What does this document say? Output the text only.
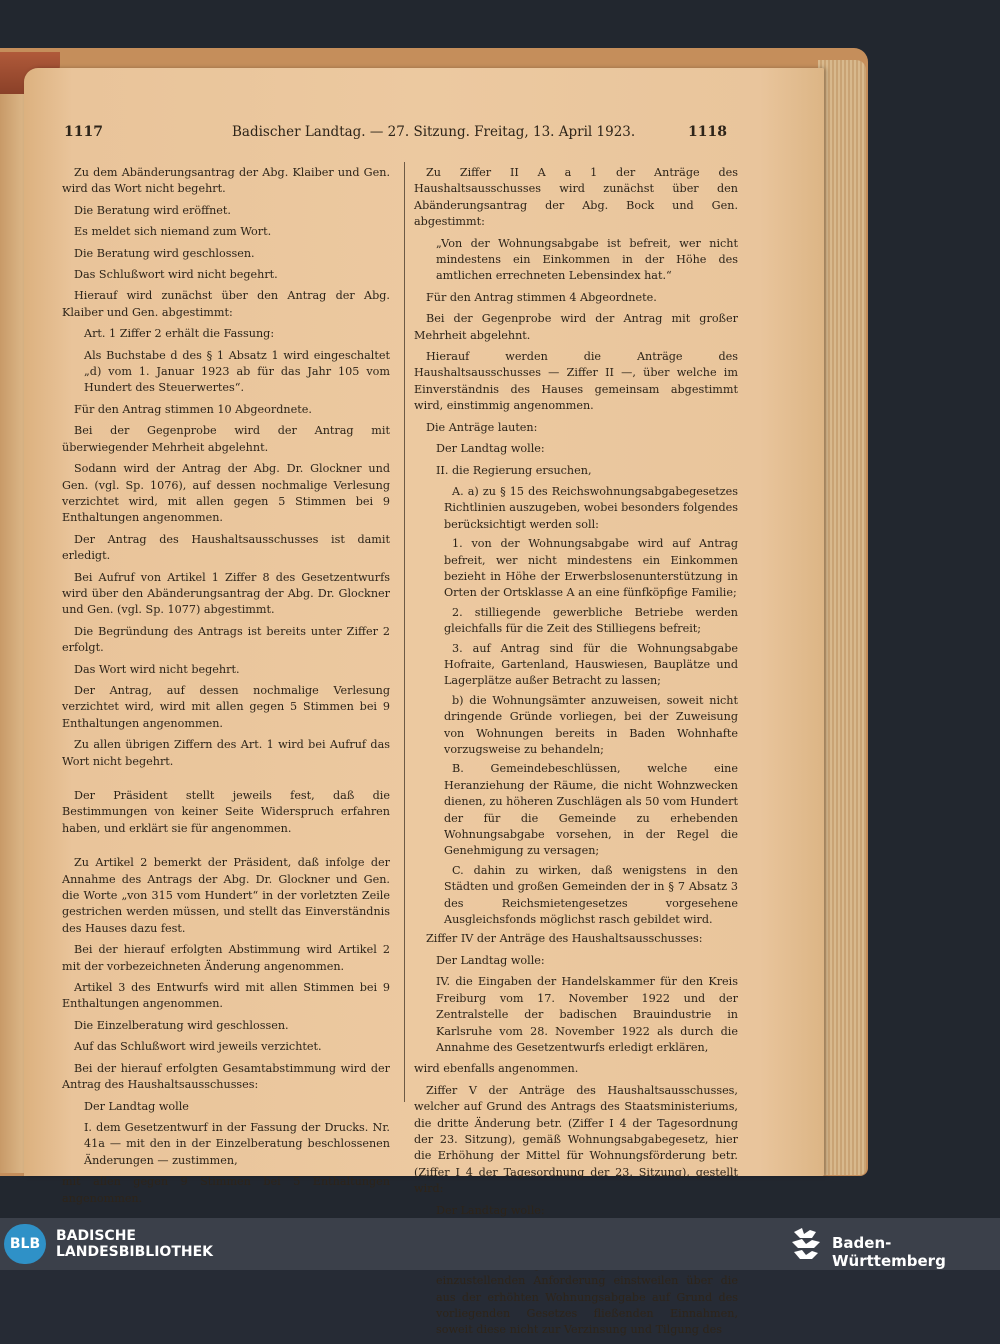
1117	Badischer Landtag. — 27. Sitzung. Freitag, 13. April 1923.	1118

Zu dem Abänderungsantrag der Abg. Klaiber und Gen. wird das Wort nicht begehrt.

Die Beratung wird eröffnet.

Es meldet sich niemand zum Wort.

Die Beratung wird geschlossen.

Das Schlußwort wird nicht begehrt.

Hierauf wird zunächst über den Antrag der Abg. Klaiber und Gen. abgestimmt:

Art. 1 Ziffer 2 erhält die Fassung:

Als Buchstabe d des § 1 Absatz 1 wird eingeschaltet „d) vom 1. Januar 1923 ab für das Jahr 105 vom Hundert des Steuerwertes“.

Für den Antrag stimmen 10 Abgeordnete.

Bei der Gegenprobe wird der Antrag mit überwiegender Mehrheit abgelehnt.

Sodann wird der Antrag der Abg. Dr. Glockner und Gen. (vgl. Sp. 1076), auf dessen nochmalige Verlesung verzichtet wird, mit allen gegen 5 Stimmen bei 9 Enthaltungen angenommen.

Der Antrag des Haushaltsausschusses ist damit erledigt.

Bei Aufruf von Artikel 1 Ziffer 8 des Gesetzentwurfs wird über den Abänderungsantrag der Abg. Dr. Glockner und Gen. (vgl. Sp. 1077) abgestimmt.

Die Begründung des Antrags ist bereits unter Ziffer 2 erfolgt.

Das Wort wird nicht begehrt.

Der Antrag, auf dessen nochmalige Verlesung verzichtet wird, wird mit allen gegen 5 Stimmen bei 9 Enthaltungen angenommen.

Zu allen übrigen Ziffern des Art. 1 wird bei Aufruf das Wort nicht begehrt.

Der Präsident stellt jeweils fest, daß die Bestimmungen von keiner Seite Widerspruch erfahren haben, und erklärt sie für angenommen.

Zu Artikel 2 bemerkt der Präsident, daß infolge der Annahme des Antrags der Abg. Dr. Glockner und Gen. die Worte „von 315 vom Hundert“ in der vorletzten Zeile gestrichen werden müssen, und stellt das Einverständnis des Hauses dazu fest.

Bei der hierauf erfolgten Abstimmung wird Artikel 2 mit der vorbezeichneten Änderung angenommen.

Artikel 3 des Entwurfs wird mit allen Stimmen bei 9 Enthaltungen angenommen.

Die Einzelberatung wird geschlossen.

Auf das Schlußwort wird jeweils verzichtet.

Bei der hierauf erfolgten Gesamtabstimmung wird der Antrag des Haushaltsausschusses:

Der Landtag wolle

I. dem Gesetzentwurf in der Fassung der Drucks. Nr. 41a — mit den in der Einzelberatung beschlossenen Änderungen — zustimmen,

mit allen gegen 9 Stimmen bei 5 Enthaltungen angenommen.

Zu Ziffer II A a 1 der Anträge des Haushaltsausschusses wird zunächst über den Abänderungsantrag der Abg. Bock und Gen. abgestimmt:

„Von der Wohnungsabgabe ist befreit, wer nicht mindestens ein Einkommen in der Höhe des amtlichen errechneten Lebensindex hat.“

Für den Antrag stimmen 4 Abgeordnete.

Bei der Gegenprobe wird der Antrag mit großer Mehrheit abgelehnt.

Hierauf werden die Anträge des Haushaltsausschusses — Ziffer II —, über welche im Einverständnis des Hauses gemeinsam abgestimmt wird, einstimmig angenommen.

Die Anträge lauten:

Der Landtag wolle:

II. die Regierung ersuchen,

A. a) zu § 15 des Reichswohnungsabgabegesetzes Richtlinien auszugeben, wobei besonders folgendes berücksichtigt werden soll:

1. von der Wohnungsabgabe wird auf Antrag befreit, wer nicht mindestens ein Einkommen bezieht in Höhe der Erwerbslosenunterstützung in Orten der Ortsklasse A an eine fünfköpfige Familie;

2. stilliegende gewerbliche Betriebe werden gleichfalls für die Zeit des Stilliegens befreit;

3. auf Antrag sind für die Wohnungsabgabe Hofraite, Gartenland, Hauswiesen, Bauplätze und Lagerplätze außer Betracht zu lassen;

b) die Wohnungsämter anzuweisen, soweit nicht dringende Gründe vorliegen, bei der Zuweisung von Wohnungen bereits in Baden Wohnhafte vorzugsweise zu behandeln;

B. Gemeindebeschlüssen, welche eine Heranziehung der Räume, die nicht Wohnzwecken dienen, zu höheren Zuschlägen als 50 vom Hundert der für die Gemeinde zu erhebenden Wohnungsabgabe vorsehen, in der Regel die Genehmigung zu versagen;

C. dahin zu wirken, daß wenigstens in den Städten und großen Gemeinden der in § 7 Absatz 3 des Reichsmietengesetzes vorgesehene Ausgleichsfonds möglichst rasch gebildet wird.

Ziffer IV der Anträge des Haushaltsausschusses:

Der Landtag wolle:

IV. die Eingaben der Handelskammer für den Kreis Freiburg vom 17. November 1922 und der Zentralstelle der badischen Brauindustrie in Karlsruhe vom 28. November 1922 als durch die Annahme des Gesetzentwurfs erledigt erklären,

wird ebenfalls angenommen.

Ziffer V der Anträge des Haushaltsausschusses, welcher auf Grund des Antrags des Staatsministeriums, die dritte Änderung betr. (Ziffer I 4 der Tagesordnung der 23. Sitzung), gemäß Wohnungsabgabegesetz, hier die Erhöhung der Mittel für Wohnungsförderung betr. (Ziffer I 4 der Tagesordnung der 23. Sitzung), gestellt wird:

Der Landtag wolle:

einzustellenden Anforderung einstweilen über die aus der erhöhten Wohnungsabgabe auf Grund des vorliegenden Gesetzes fließenden Einnahmen, soweit diese nicht zur Verzinsung und Tilgung des

BLB	BADISCHE
LANDESBIBLIOTHEK	Baden-Württemberg
